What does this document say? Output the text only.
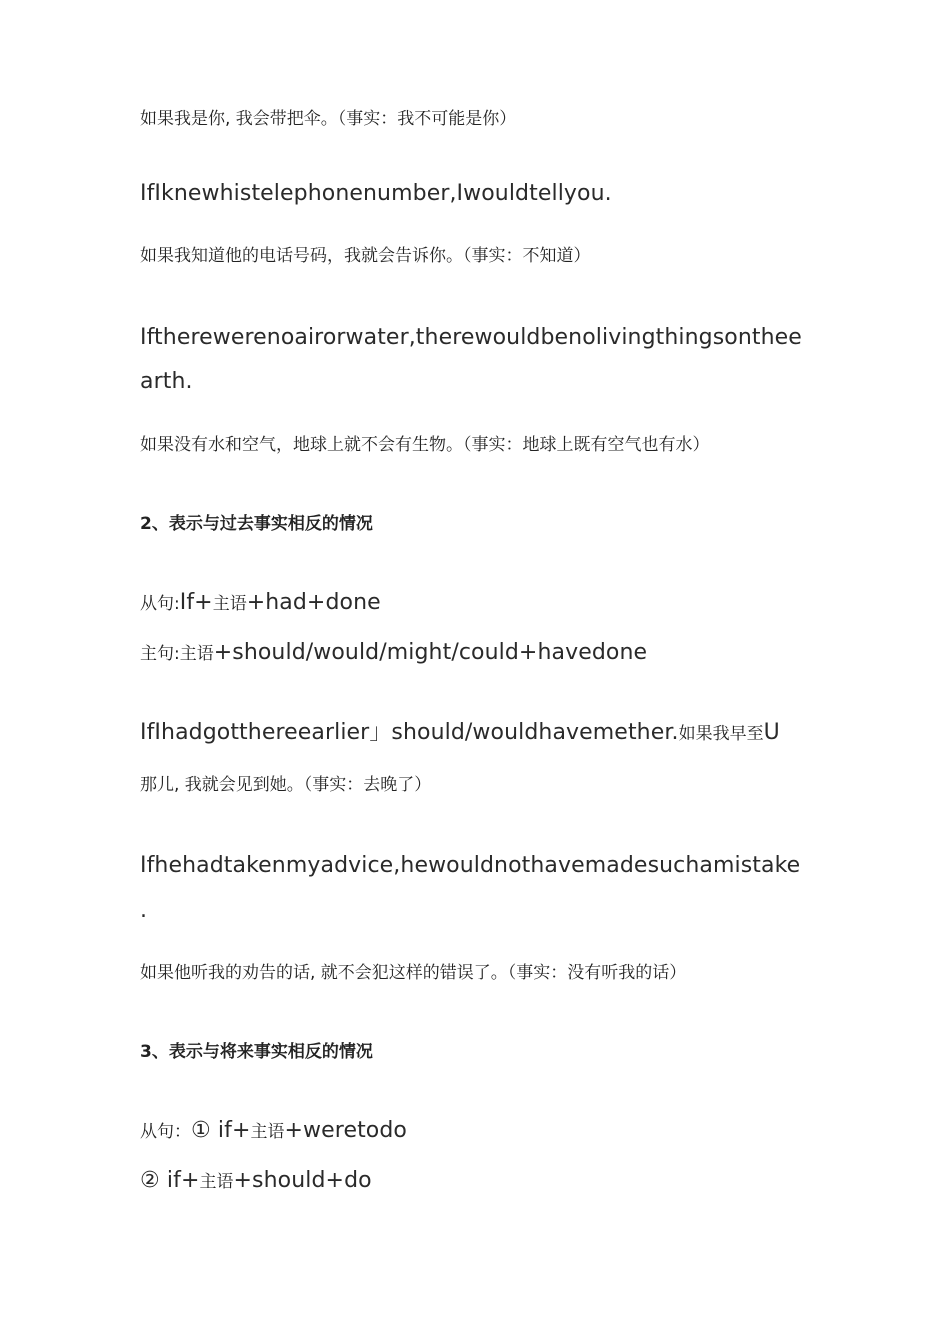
如果我是你, 我会带把伞。（事实：我不可能是你）
IfIknewhistelephonenumber,Iwouldtellyou.
如果我知道他的电话号码，我就会告诉你。（事实：不知道）
Iftherewerenoairorwater,therewouldbenolivingthingsonthee
arth.
如果没有水和空气，地球上就不会有生物。（事实：地球上既有空气也有水）
2、表示与过去事实相反的情况
从句:If+主语+had+done
主句:主语+should/would/might/could+havedone
IfIhadgotthereearlier」should/wouldhavemether.如果我早至U
那儿, 我就会见到她。（事实：去晚了）
Ifhehadtakenmyadvice,hewouldnothavemadesuchamistake
.
如果他听我的劝告的话, 就不会犯这样的错误了。（事实：没有听我的话）
3、表示与将来事实相反的情况
从句：① if+主语+weretodo
② if+主语+should+do
